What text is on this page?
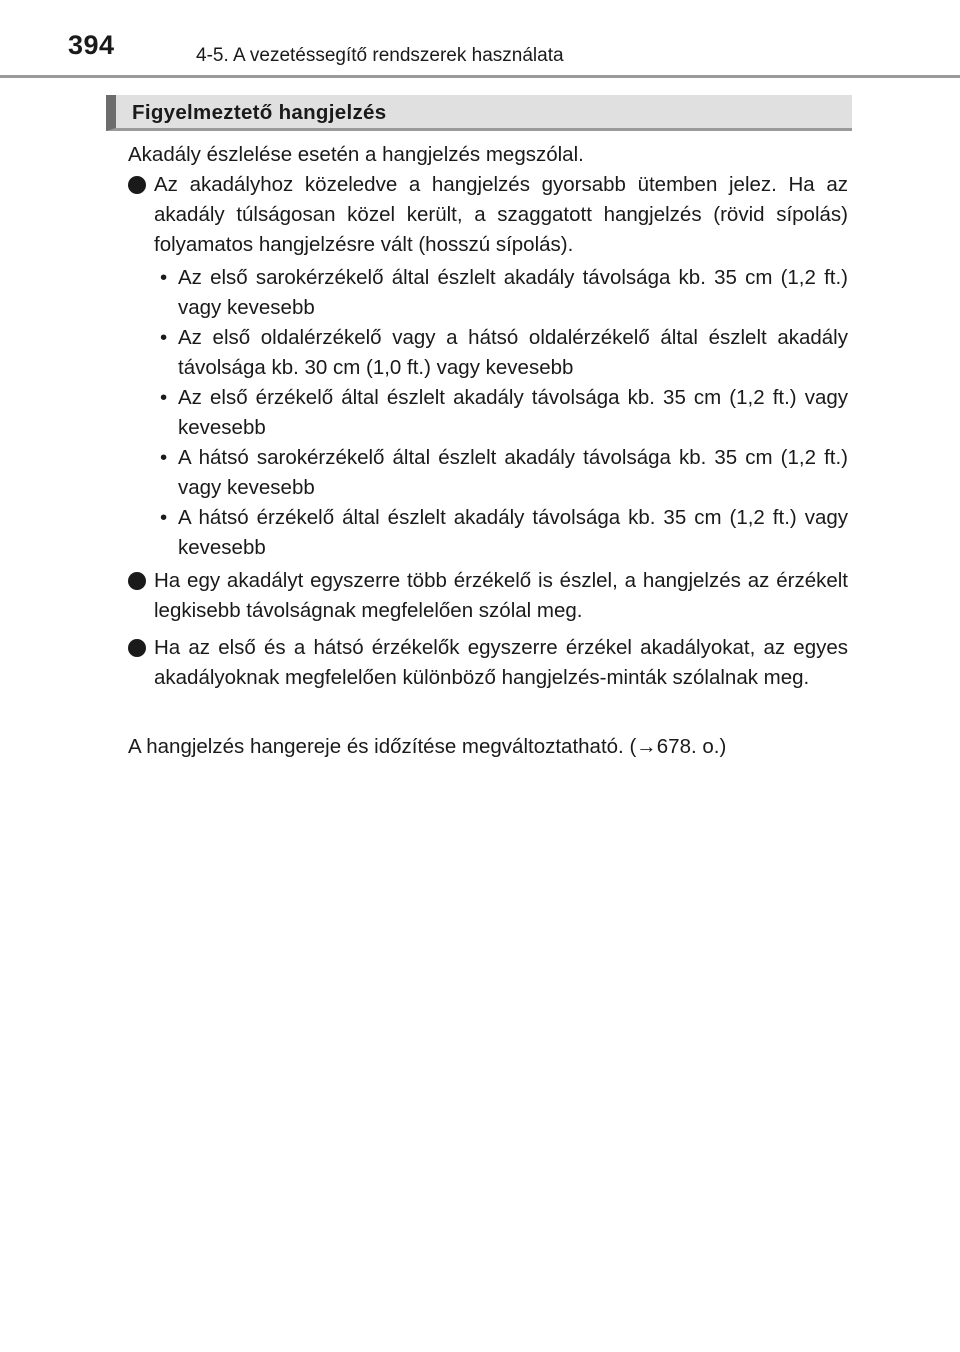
394	4-5. A vezetéssegítő rendszerek használata
Figyelmeztető hangjelzés

Akadály észlelése esetén a hangjelzés megszólal.

Az akadályhoz közeledve a hangjelzés gyorsabb ütemben jelez. Ha az akadály túlságosan közel került, a szaggatott hangjelzés (rövid sípolás) folyamatos hangjelzésre vált (hosszú sípolás).

• Az első sarokérzékelő által észlelt akadály távolsága kb. 35 cm (1,2 ft.) vagy kevesebb

• Az első oldalérzékelő vagy a hátsó oldalérzékelő által észlelt akadály távolsága kb. 30 cm (1,0 ft.) vagy kevesebb

• Az első érzékelő által észlelt akadály távolsága kb. 35 cm (1,2 ft.) vagy kevesebb

• A hátsó sarokérzékelő által észlelt akadály távolsága kb. 35 cm (1,2 ft.) vagy kevesebb

• A hátsó érzékelő által észlelt akadály távolsága kb. 35 cm (1,2 ft.) vagy kevesebb

Ha egy akadályt egyszerre több érzékelő is észlel, a hangjelzés az érzékelt legkisebb távolságnak megfelelően szólal meg.

Ha az első és a hátsó érzékelők egyszerre érzékel akadályokat, az egyes akadályoknak megfelelően különböző hangjelzés-minták szólalnak meg.

A hangjelzés hangereje és időzítése megváltoztatható. (→678. o.)
